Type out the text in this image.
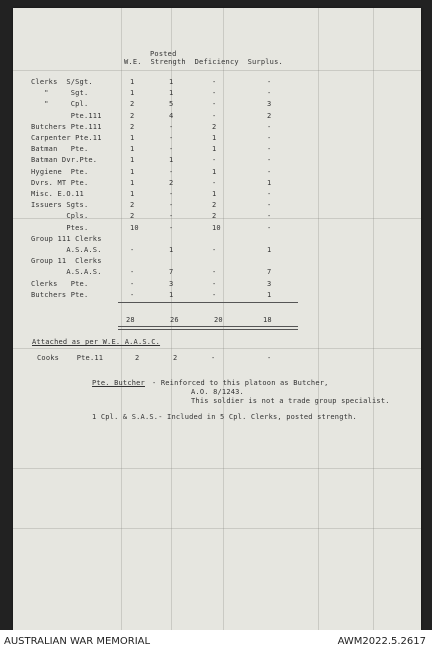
Posted
W.E.  Strength  Deficiency  Surplus.
Clerks  S/Sgt.	1	1	-	-
"     Sgt.	1	1	-	-
"     Cpl.	2	5	-	3
Pte.111	2	4	-	2
Butchers Pte.111	2	-	2	-
Carpenter Pte.11	1	-	1	-
Batman   Pte.	1	-	1	-
Batman Dvr.Pte.	1	1	-	-
Hygiene  Pte.	1	-	1	-
Dvrs. MT Pte.	1	2	-	1
Misc. E.O.11	1	-	1	-
Issuers Sgts.	2	-	2	-
Cpls.	2	-	2	-
Ptes.	10	-	10	-
Group 111 Clerks
A.S.A.S.	-	1	-	1
Group 11  Clerks
A.S.A.S.	-	7	-	7
Clerks   Pte.	-	3	-	3
Butchers Pte.	-	1	-	1
28	26	20	18
Attached as per W.E. A.A.S.C.
Cooks    Pte.11	2	2	-	-
Pte. Butcher - Reinforced to this platoon as Butcher,
A.O. 8/1243.
This soldier is not a trade group specialist.
1 Cpl. & S.A.S.- Included in 5 Cpl. Clerks, posted strength.
AUSTRALIAN WAR MEMORIAL	AWM2022.5.2617
